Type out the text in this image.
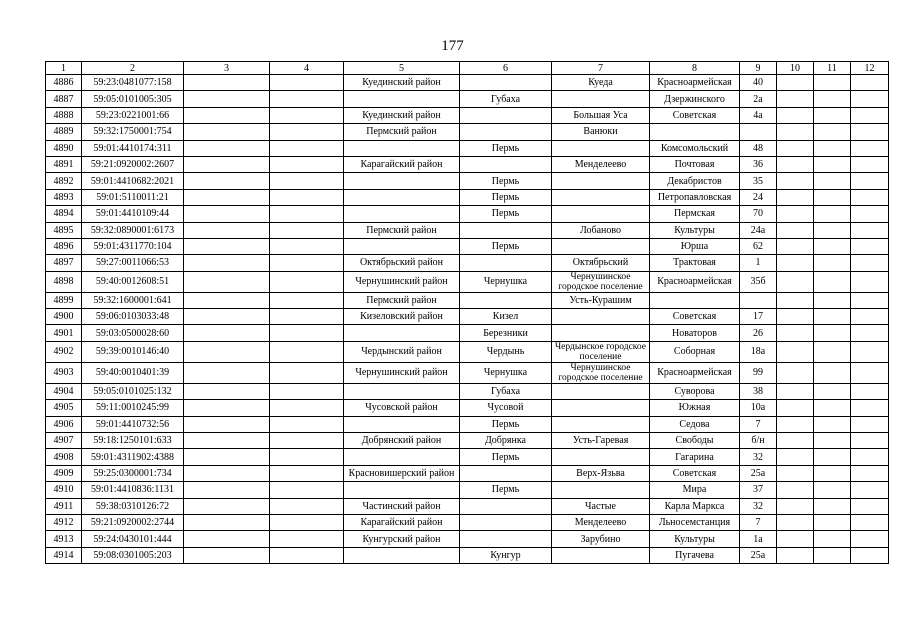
177
1	2	3	4	5	6	7	8	9	10	11	12
4886	59:23:0481077:158			Куединский район		Куеда	Красноармейская	40			
4887	59:05:0101005:305				Губаха		Дзержинского	2а			
4888	59:23:0221001:66			Куединский район		Большая Уса	Советская	4а			
4889	59:32:1750001:754			Пермский район		Ванюки					
4890	59:01:4410174:311				Пермь		Комсомольский	48			
4891	59:21:0920002:2607			Карагайский район		Менделеево	Почтовая	36			
4892	59:01:4410682:2021				Пермь		Декабристов	35			
4893	59:01:5110011:21				Пермь		Петропавловская	24			
4894	59:01:4410109:44				Пермь		Пермская	70			
4895	59:32:0890001:6173			Пермский район		Лобаново	Культуры	24а			
4896	59:01:4311770:104				Пермь		Юрша	62			
4897	59:27:0011066:53			Октябрьский район		Октябрьский	Трактовая	1			
4898	59:40:0012608:51			Чернушинский район	Чернушка	Чернушинское городское поселение	Красноармейская	35б			
4899	59:32:1600001:641			Пермский район		Усть-Курашим					
4900	59:06:0103033:48			Кизеловский район	Кизел		Советская	17			
4901	59:03:0500028:60				Березники		Новаторов	26			
4902	59:39:0010146:40			Чердынский район	Чердынь	Чердынское городское поселение	Соборная	18а			
4903	59:40:0010401:39			Чернушинский район	Чернушка	Чернушинское городское поселение	Красноармейская	99			
4904	59:05:0101025:132				Губаха		Суворова	38			
4905	59:11:0010245:99			Чусовской район	Чусовой		Южная	10а			
4906	59:01:4410732:56				Пермь		Седова	7			
4907	59:18:1250101:633			Добрянский район	Добрянка	Усть-Гаревая	Свободы	б/н			
4908	59:01:4311902:4388				Пермь		Гагарина	32			
4909	59:25:0300001:734			Красновишерский район		Верх-Язьва	Советская	25а			
4910	59:01:4410836:1131				Пермь		Мира	37			
4911	59:38:0310126:72			Частинский район		Частые	Карла Маркса	32			
4912	59:21:0920002:2744			Карагайский район		Менделеево	Льносемстанция	7			
4913	59:24:0430101:444			Кунгурский район		Зарубино	Культуры	1а			
4914	59:08:0301005:203				Кунгур		Пугачева	25а			
